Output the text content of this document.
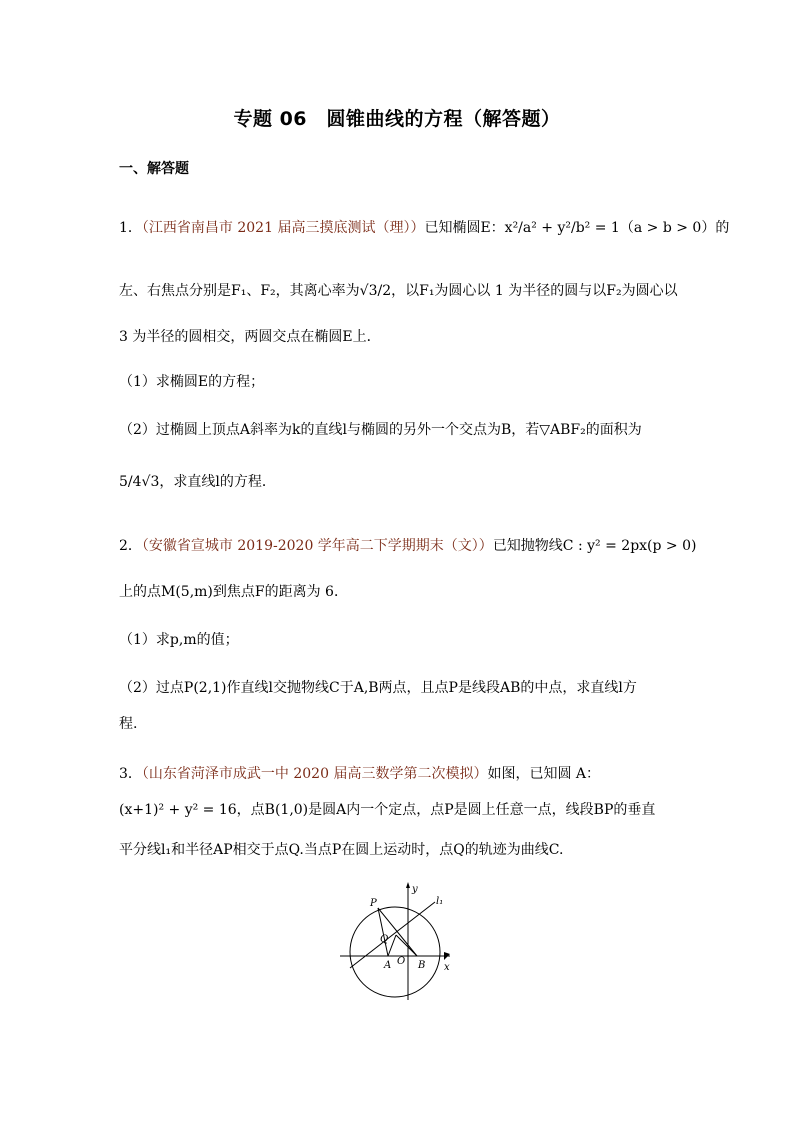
专题 06　圆锥曲线的方程（解答题）
一、解答题
1．（江西省南昌市 2021 届高三摸底测试（理））已知椭圆E：x²/a² + y²/b² = 1（a > b > 0）的
左、右焦点分别是F₁、F₂，其离心率为√3/2，以F₁为圆心以 1 为半径的圆与以F₂为圆心以
3 为半径的圆相交，两圆交点在椭圆E上．
（1）求椭圆E的方程；
（2）过椭圆上顶点A斜率为k的直线l与椭圆的另外一个交点为B，若▽ABF₂的面积为
5/4√3，求直线l的方程．
2．（安徽省宣城市 2019-2020 学年高二下学期期末（文））已知抛物线C : y² = 2px(p > 0)
上的点M(5,m)到焦点F的距离为 6．
（1）求p,m的值；
（2）过点P(2,1)作直线l交抛物线C于A,B两点，且点P是线段AB的中点，求直线l方
程.
3．（山东省菏泽市成武一中 2020 届高三数学第二次模拟）如图，已知圆 A：
(x+1)² + y² = 16，点B(1,0)是圆A内一个定点，点P是圆上任意一点，线段BP的垂直
平分线l₁和半径AP相交于点Q.当点P在圆上运动时，点Q的轨迹为曲线C.
P
Q
A O B x
y
l₁
